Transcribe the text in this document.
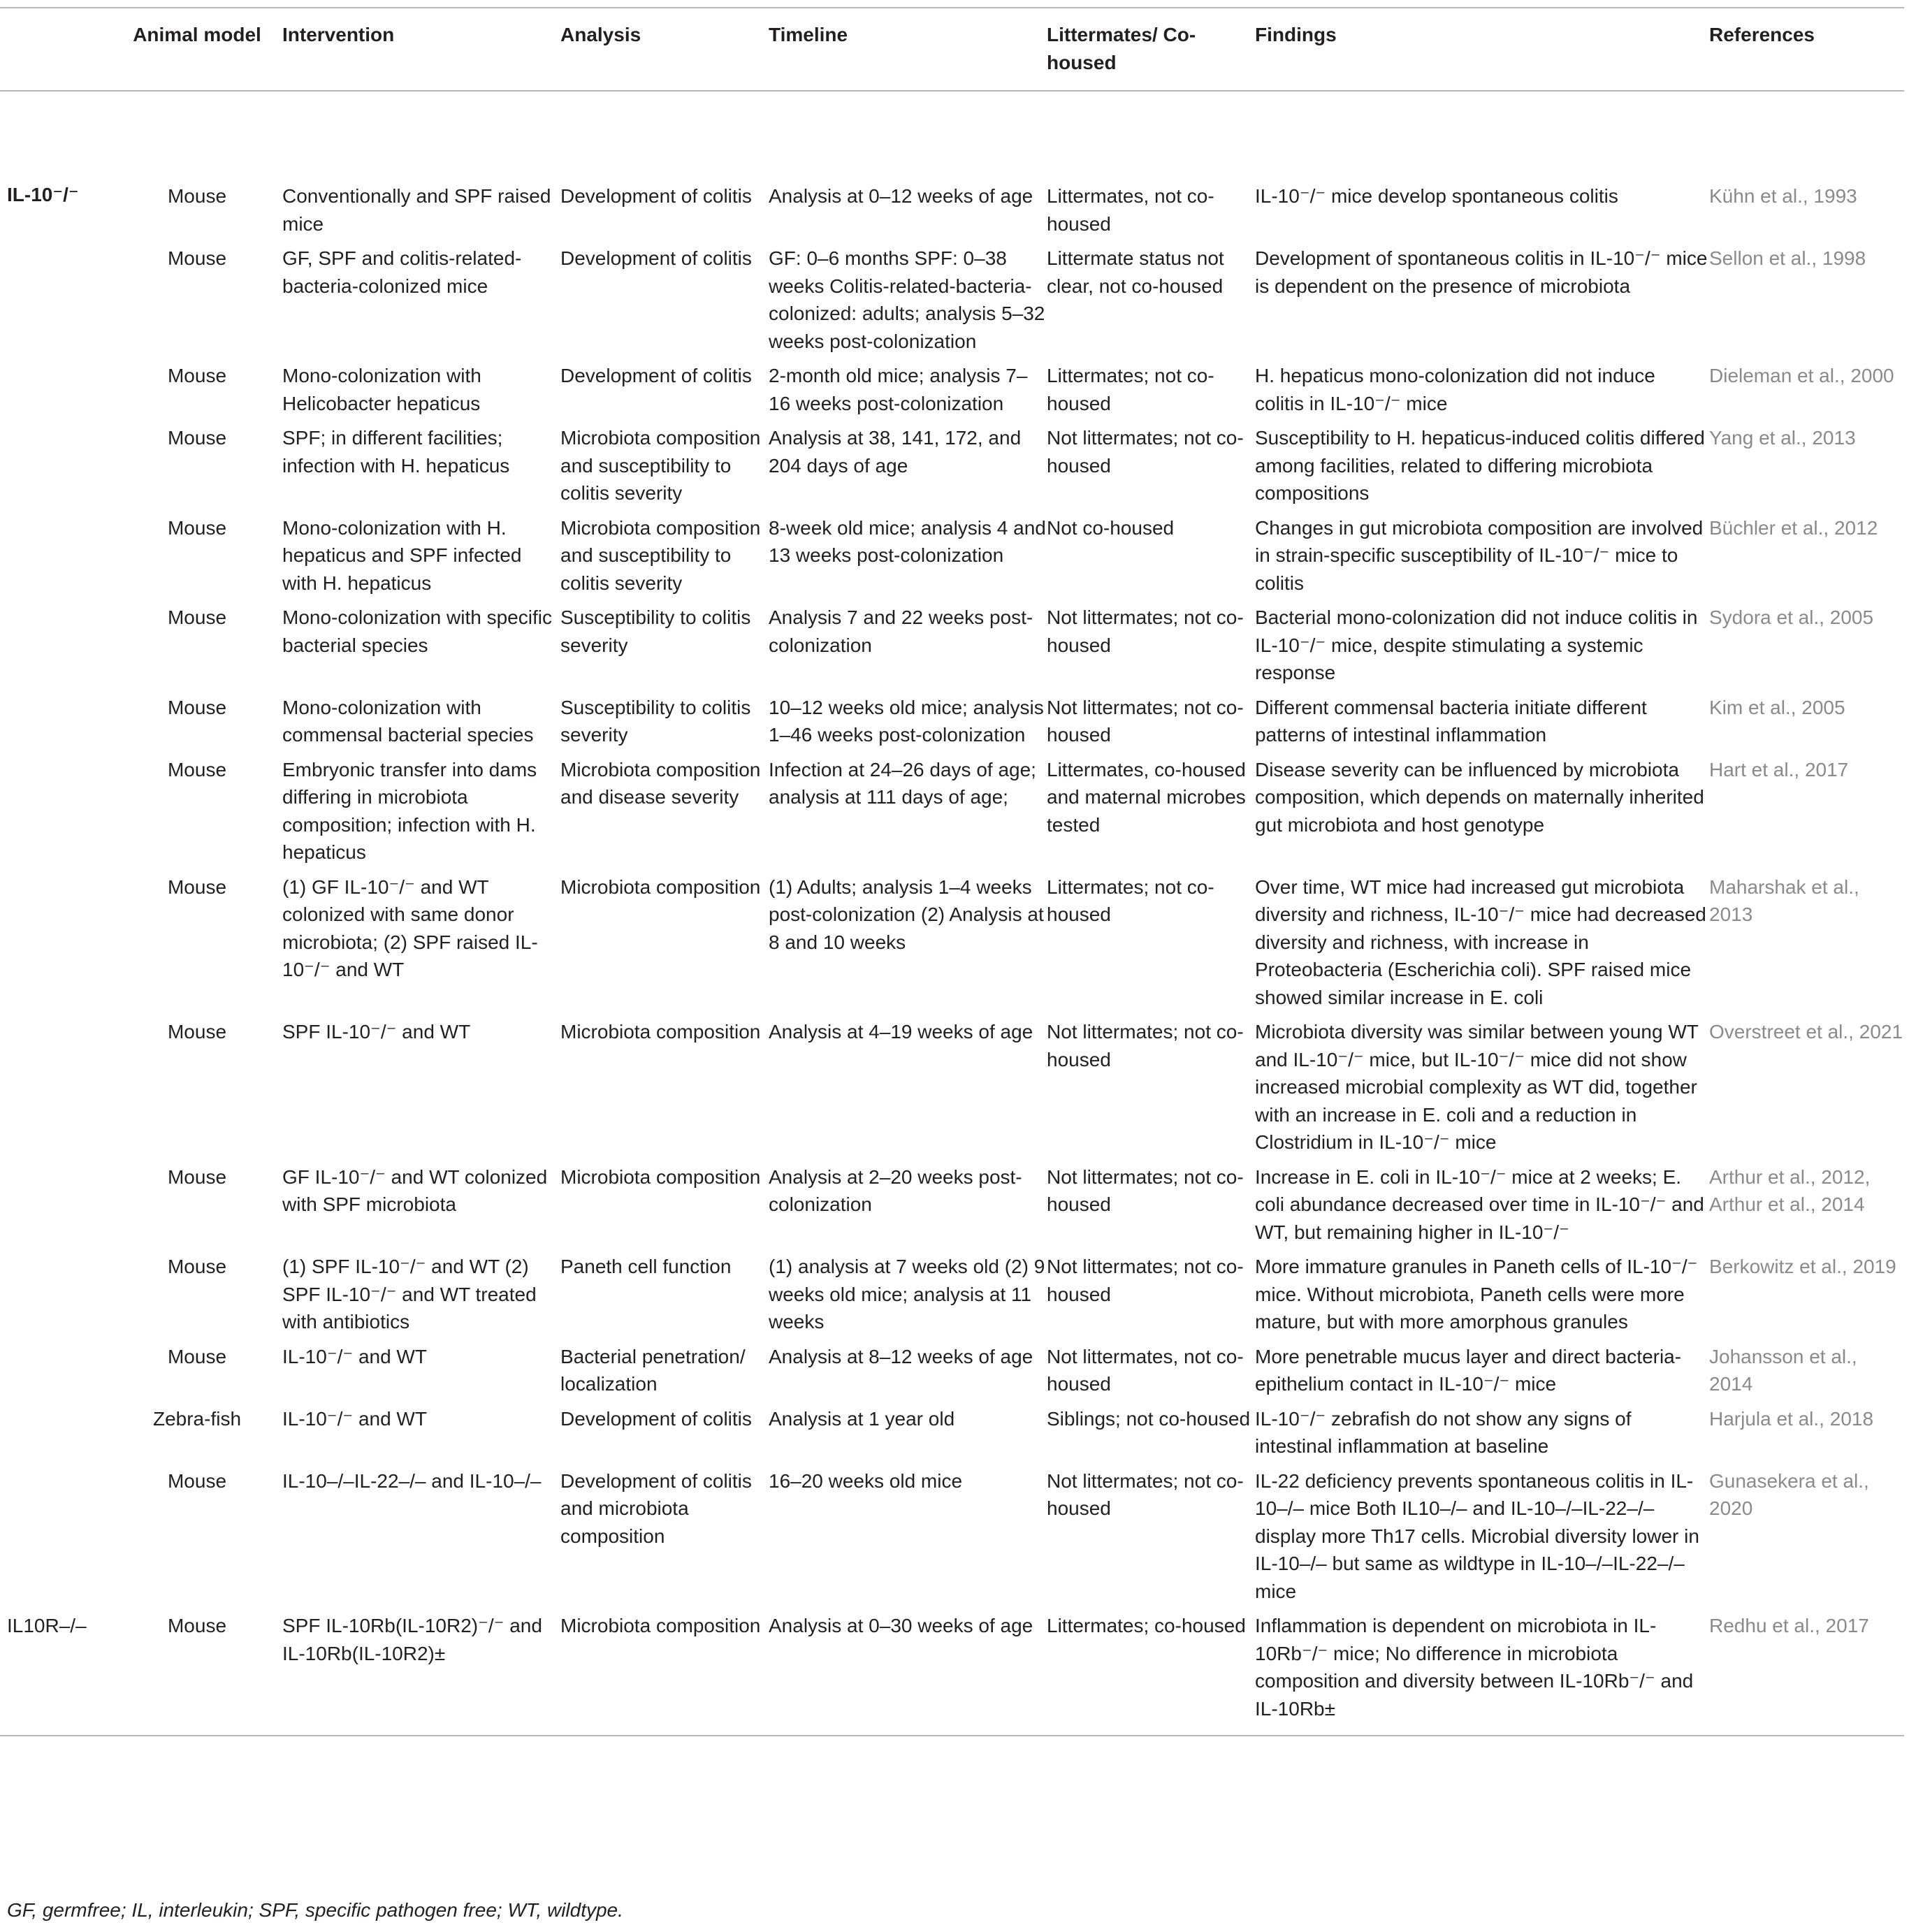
	Animal model	Intervention	Analysis	Timeline	Littermates/ Co-housed	Findings	References
IL-10⁻/⁻	Mouse	Conventionally and SPF raised mice	Development of colitis	Analysis at 0–12 weeks of age	Littermates, not co-housed	IL-10⁻/⁻ mice develop spontaneous colitis	Kühn et al., 1993
	Mouse	GF, SPF and colitis-related-bacteria-colonized mice	Development of colitis	GF: 0–6 months SPF: 0–38 weeks Colitis-related-bacteria-colonized: adults; analysis 5–32 weeks post-colonization	Littermate status not clear, not co-housed	Development of spontaneous colitis in IL-10⁻/⁻ mice is dependent on the presence of microbiota	Sellon et al., 1998
	Mouse	Mono-colonization with Helicobacter hepaticus	Development of colitis	2-month old mice; analysis 7–16 weeks post-colonization	Littermates; not co-housed	H. hepaticus mono-colonization did not induce colitis in IL-10⁻/⁻ mice	Dieleman et al., 2000
	Mouse	SPF; in different facilities; infection with H. hepaticus	Microbiota composition and susceptibility to colitis severity	Analysis at 38, 141, 172, and 204 days of age	Not littermates; not co-housed	Susceptibility to H. hepaticus-induced colitis differed among facilities, related to differing microbiota compositions	Yang et al., 2013
	Mouse	Mono-colonization with H. hepaticus and SPF infected with H. hepaticus	Microbiota composition and susceptibility to colitis severity	8-week old mice; analysis 4 and 13 weeks post-colonization	Not co-housed	Changes in gut microbiota composition are involved in strain-specific susceptibility of IL-10⁻/⁻ mice to colitis	Büchler et al., 2012
	Mouse	Mono-colonization with specific bacterial species	Susceptibility to colitis severity	Analysis 7 and 22 weeks post-colonization	Not littermates; not co-housed	Bacterial mono-colonization did not induce colitis in IL-10⁻/⁻ mice, despite stimulating a systemic response	Sydora et al., 2005
	Mouse	Mono-colonization with commensal bacterial species	Susceptibility to colitis severity	10–12 weeks old mice; analysis 1–46 weeks post-colonization	Not littermates; not co-housed	Different commensal bacteria initiate different patterns of intestinal inflammation	Kim et al., 2005
	Mouse	Embryonic transfer into dams differing in microbiota composition; infection with H. hepaticus	Microbiota composition and disease severity	Infection at 24–26 days of age; analysis at 111 days of age;	Littermates, co-housed and maternal microbes tested	Disease severity can be influenced by microbiota composition, which depends on maternally inherited gut microbiota and host genotype	Hart et al., 2017
	Mouse	(1) GF IL-10⁻/⁻ and WT colonized with same donor microbiota; (2) SPF raised IL-10⁻/⁻ and WT	Microbiota composition	(1) Adults; analysis 1–4 weeks post-colonization (2) Analysis at 8 and 10 weeks	Littermates; not co-housed	Over time, WT mice had increased gut microbiota diversity and richness, IL-10⁻/⁻ mice had decreased diversity and richness, with increase in Proteobacteria (Escherichia coli). SPF raised mice showed similar increase in E. coli	Maharshak et al., 2013
	Mouse	SPF IL-10⁻/⁻ and WT	Microbiota composition	Analysis at 4–19 weeks of age	Not littermates; not co-housed	Microbiota diversity was similar between young WT and IL-10⁻/⁻ mice, but IL-10⁻/⁻ mice did not show increased microbial complexity as WT did, together with an increase in E. coli and a reduction in Clostridium in IL-10⁻/⁻ mice	Overstreet et al., 2021
	Mouse	GF IL-10⁻/⁻ and WT colonized with SPF microbiota	Microbiota composition	Analysis at 2–20 weeks post-colonization	Not littermates; not co-housed	Increase in E. coli in IL-10⁻/⁻ mice at 2 weeks; E. coli abundance decreased over time in IL-10⁻/⁻ and WT, but remaining higher in IL-10⁻/⁻	Arthur et al., 2012, Arthur et al., 2014
	Mouse	(1) SPF IL-10⁻/⁻ and WT (2) SPF IL-10⁻/⁻ and WT treated with antibiotics	Paneth cell function	(1) analysis at 7 weeks old (2) 9 weeks old mice; analysis at 11 weeks	Not littermates; not co-housed	More immature granules in Paneth cells of IL-10⁻/⁻ mice. Without microbiota, Paneth cells were more mature, but with more amorphous granules	Berkowitz et al., 2019
	Mouse	IL-10⁻/⁻ and WT	Bacterial penetration/ localization	Analysis at 8–12 weeks of age	Not littermates, not co-housed	More penetrable mucus layer and direct bacteria-epithelium contact in IL-10⁻/⁻ mice	Johansson et al., 2014
	Zebra-fish	IL-10⁻/⁻ and WT	Development of colitis	Analysis at 1 year old	Siblings; not co-housed	IL-10⁻/⁻ zebrafish do not show any signs of intestinal inflammation at baseline	Harjula et al., 2018
	Mouse	IL-10–/–IL-22–/– and IL-10–/–	Development of colitis and microbiota composition	16–20 weeks old mice	Not littermates; not co-housed	IL-22 deficiency prevents spontaneous colitis in IL-10–/– mice Both IL10–/– and IL-10–/–IL-22–/– display more Th17 cells. Microbial diversity lower in IL-10–/– but same as wildtype in IL-10–/–IL-22–/– mice	Gunasekera et al., 2020
IL10R–/–	Mouse	SPF IL-10Rb(IL-10R2)⁻/⁻ and IL-10Rb(IL-10R2)±	Microbiota composition	Analysis at 0–30 weeks of age	Littermates; co-housed	Inflammation is dependent on microbiota in IL-10Rb⁻/⁻ mice; No difference in microbiota composition and diversity between IL-10Rb⁻/⁻ and IL-10Rb±	Redhu et al., 2017
GF, germfree; IL, interleukin; SPF, specific pathogen free; WT, wildtype.
